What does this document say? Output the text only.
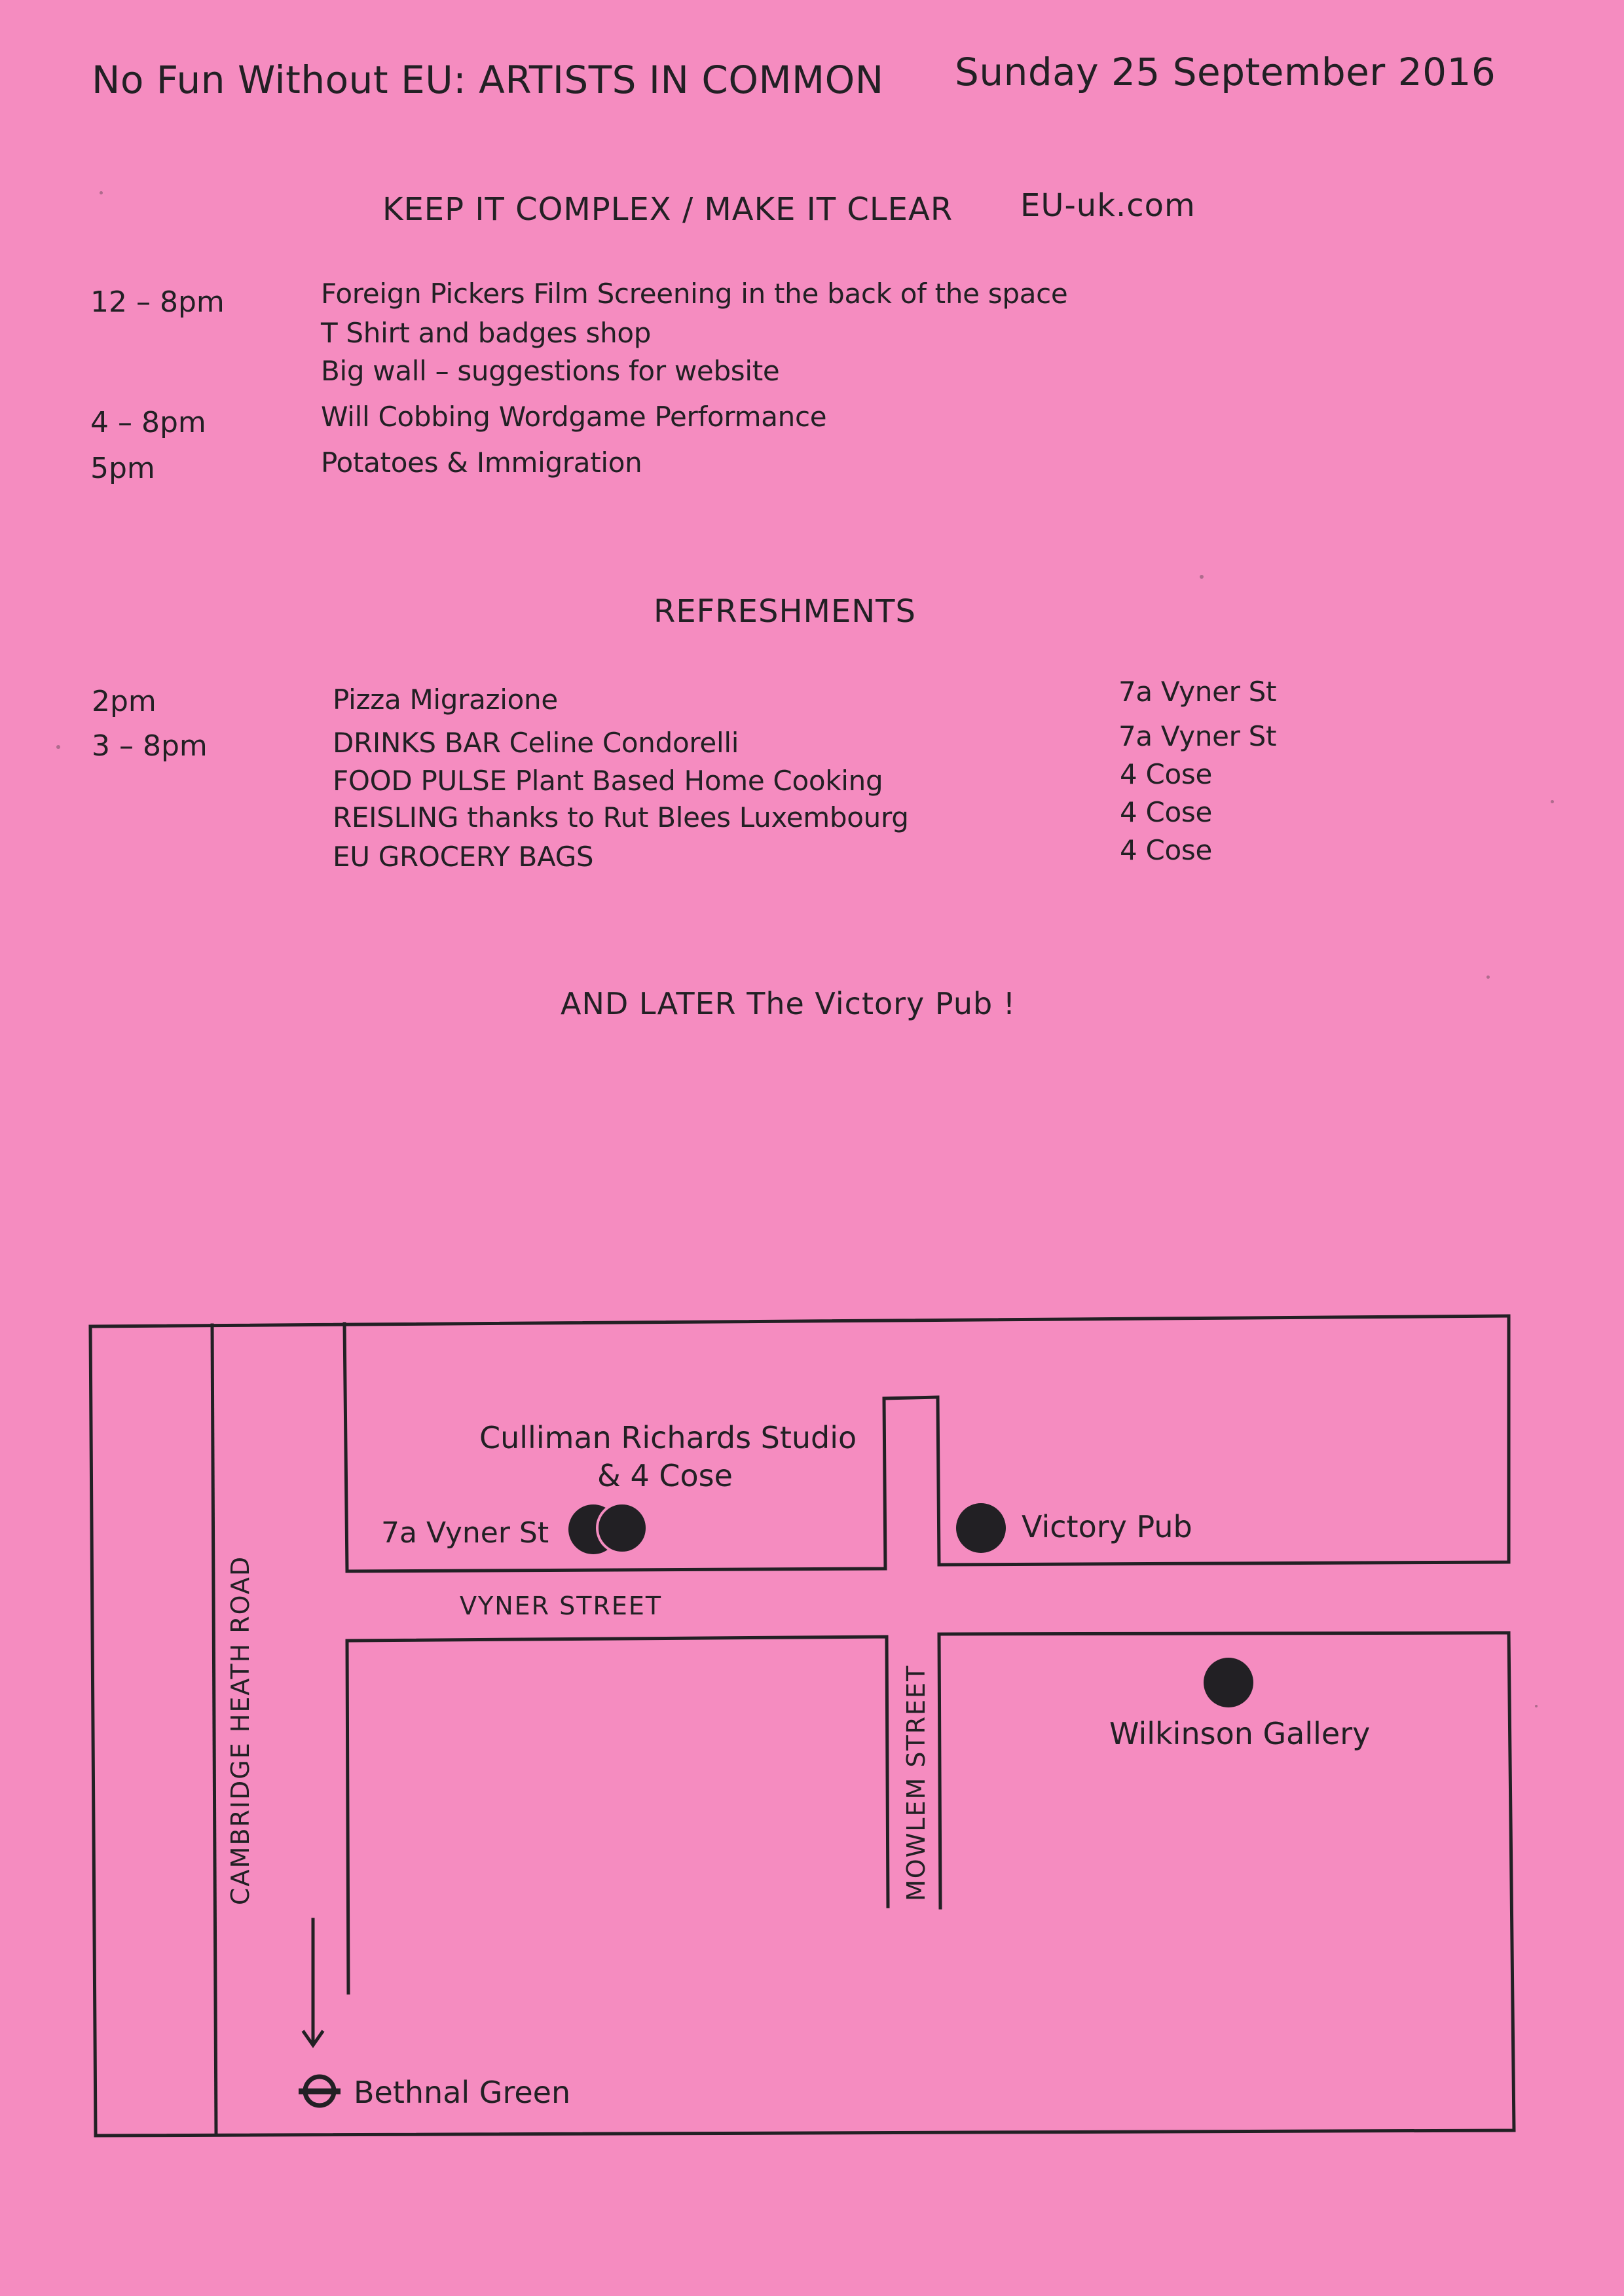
No Fun Without EU: ARTISTS IN COMMON Sunday 25 September 2016
KEEP IT COMPLEX / MAKE IT CLEAR EU-uk.com
12 – 8pm	Foreign Pickers Film Screening in the back of the space
T Shirt and badges shop
Big wall – suggestions for website
4 – 8pm	Will Cobbing Wordgame Performance
5pm	Potatoes & Immigration
REFRESHMENTS
2pm	Pizza Migrazione	7a Vyner St
3 – 8pm	DRINKS BAR Celine Condorelli	7a Vyner St
FOOD PULSE Plant Based Home Cooking	4 Cose
REISLING thanks to Rut Blees Luxembourg	4 Cose
EU GROCERY BAGS	4 Cose
AND LATER The Victory Pub !
Culliman Richards Studio
& 4 Cose
7a Vyner St	Victory Pub
Wilkinson Gallery
VYNER STREET
MOWLEM STREET
CAMBRIDGE HEATH ROAD
Bethnal Green
